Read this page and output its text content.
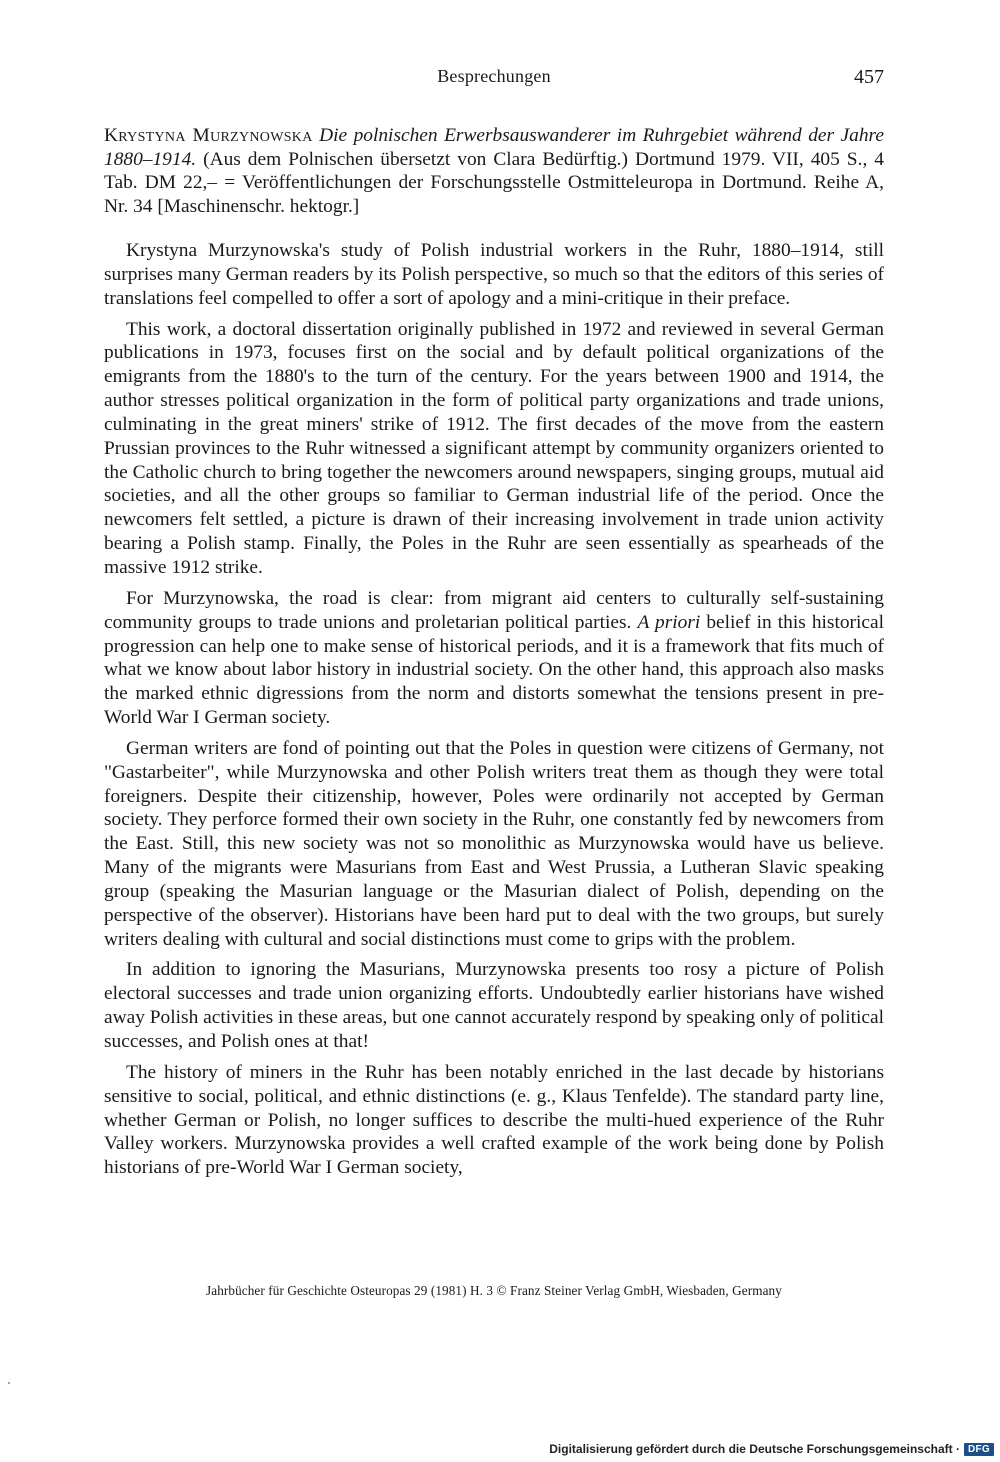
Besprechungen	457
Krystyna Murzynowska Die polnischen Erwerbsauswanderer im Ruhrgebiet während der Jahre 1880–1914. (Aus dem Polnischen übersetzt von Clara Bedürftig.) Dortmund 1979. VII, 405 S., 4 Tab. DM 22,– = Veröffentlichungen der Forschungsstelle Ostmitteleuropa in Dortmund. Reihe A, Nr. 34 [Maschinenschr. hektogr.]

Krystyna Murzynowska's study of Polish industrial workers in the Ruhr, 1880–1914, still surprises many German readers by its Polish perspective, so much so that the editors of this series of translations feel compelled to offer a sort of apology and a mini-critique in their preface.

This work, a doctoral dissertation originally published in 1972 and reviewed in several German publications in 1973, focuses first on the social and by default political organizations of the emigrants from the 1880's to the turn of the century. For the years between 1900 and 1914, the author stresses political organization in the form of political party organizations and trade unions, culminating in the great miners' strike of 1912. The first decades of the move from the eastern Prussian provinces to the Ruhr witnessed a significant attempt by community organizers oriented to the Catholic church to bring together the newcomers around newspapers, singing groups, mutual aid societies, and all the other groups so familiar to German industrial life of the period. Once the newcomers felt settled, a picture is drawn of their increasing involvement in trade union activity bearing a Polish stamp. Finally, the Poles in the Ruhr are seen essentially as spearheads of the massive 1912 strike.

For Murzynowska, the road is clear: from migrant aid centers to culturally self-sustaining community groups to trade unions and proletarian political parties. A priori belief in this historical progression can help one to make sense of historical periods, and it is a framework that fits much of what we know about labor history in industrial society. On the other hand, this approach also masks the marked ethnic digressions from the norm and distorts somewhat the tensions present in pre-World War I German society.

German writers are fond of pointing out that the Poles in question were citizens of Germany, not "Gastarbeiter", while Murzynowska and other Polish writers treat them as though they were total foreigners. Despite their citizenship, however, Poles were ordinarily not accepted by German society. They perforce formed their own society in the Ruhr, one constantly fed by newcomers from the East. Still, this new society was not so monolithic as Murzynowska would have us believe. Many of the migrants were Masurians from East and West Prussia, a Lutheran Slavic speaking group (speaking the Masurian language or the Masurian dialect of Polish, depending on the perspective of the observer). Historians have been hard put to deal with the two groups, but surely writers dealing with cultural and social distinctions must come to grips with the problem.

In addition to ignoring the Masurians, Murzynowska presents too rosy a picture of Polish electoral successes and trade union organizing efforts. Undoubtedly earlier historians have wished away Polish activities in these areas, but one cannot accurately respond by speaking only of political successes, and Polish ones at that!

The history of miners in the Ruhr has been notably enriched in the last decade by historians sensitive to social, political, and ethnic distinctions (e. g., Klaus Tenfelde). The standard party line, whether German or Polish, no longer suffices to describe the multi-hued experience of the Ruhr Valley workers. Murzynowska provides a well crafted example of the work being done by Polish historians of pre-World War I German society,

Jahrbücher für Geschichte Osteuropas 29 (1981) H. 3 © Franz Steiner Verlag GmbH, Wiesbaden, Germany
Digitalisierung gefördert durch die Deutsche Forschungsgemeinschaft · DFG
